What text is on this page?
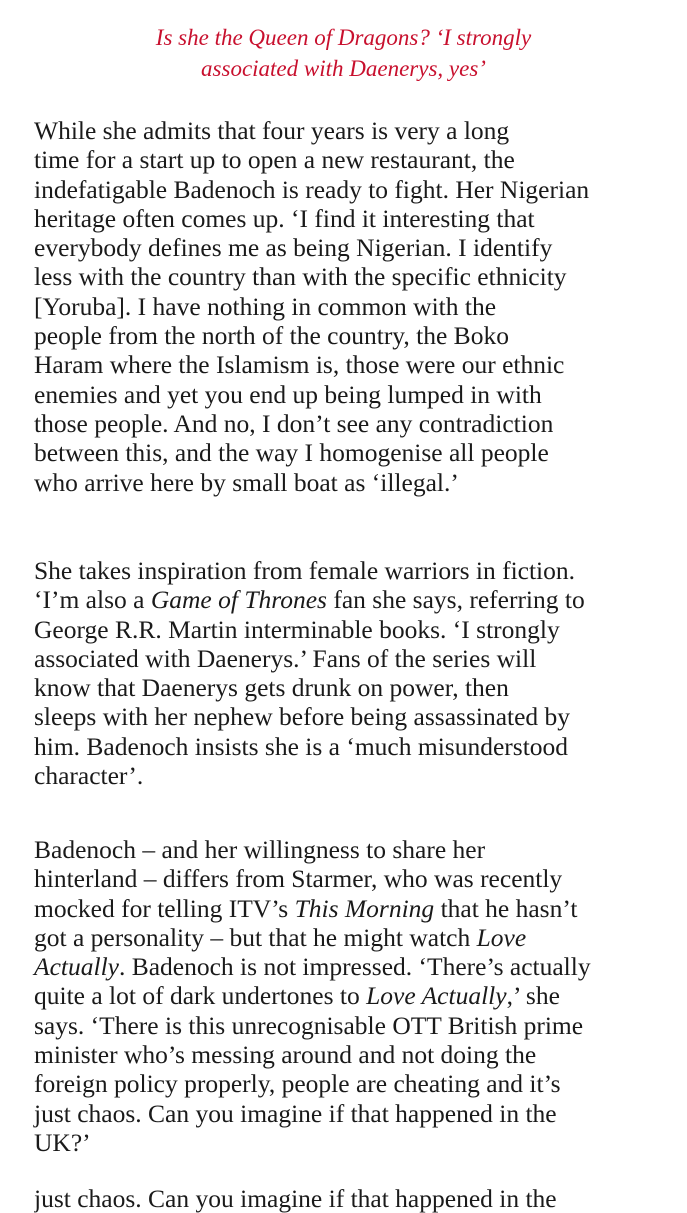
Is she the Queen of Dragons? ‘I strongly
associated with Daenerys, yes’
While she admits that four years is very a long
time for a start up to open a new restaurant, the
indefatigable Badenoch is ready to fight. Her Nigerian
heritage often comes up. ‘I find it interesting that
everybody defines me as being Nigerian. I identify
less with the country than with the specific ethnicity
[Yoruba]. I have nothing in common with the
people from the north of the country, the Boko
Haram where the Islamism is, those were our ethnic
enemies and yet you end up being lumped in with
those people. And no, I don’t see any contradiction
between this, and the way I homogenise all people
who arrive here by small boat as ‘illegal.’
She takes inspiration from female warriors in fiction.
‘I’m also a Game of Thrones fan she says, referring to
George R.R. Martin interminable books. ‘I strongly
associated with Daenerys.’ Fans of the series will
know that Daenerys gets drunk on power, then
sleeps with her nephew before being assassinated by
him. Badenoch insists she is a ‘much misunderstood
character’.
Badenoch – and her willingness to share her
hinterland – differs from Starmer, who was recently
mocked for telling ITV’s This Morning that he hasn’t
got a personality – but that he might watch Love
Actually. Badenoch is not impressed. ‘There’s actually
quite a lot of dark undertones to Love Actually,’ she
says. ‘There is this unrecognisable OTT British prime
minister who’s messing around and not doing the
foreign policy properly, people are cheating and it’s
just chaos. Can you imagine if that happened in the
UK?’
just chaos. Can you imagine if that happened in the
